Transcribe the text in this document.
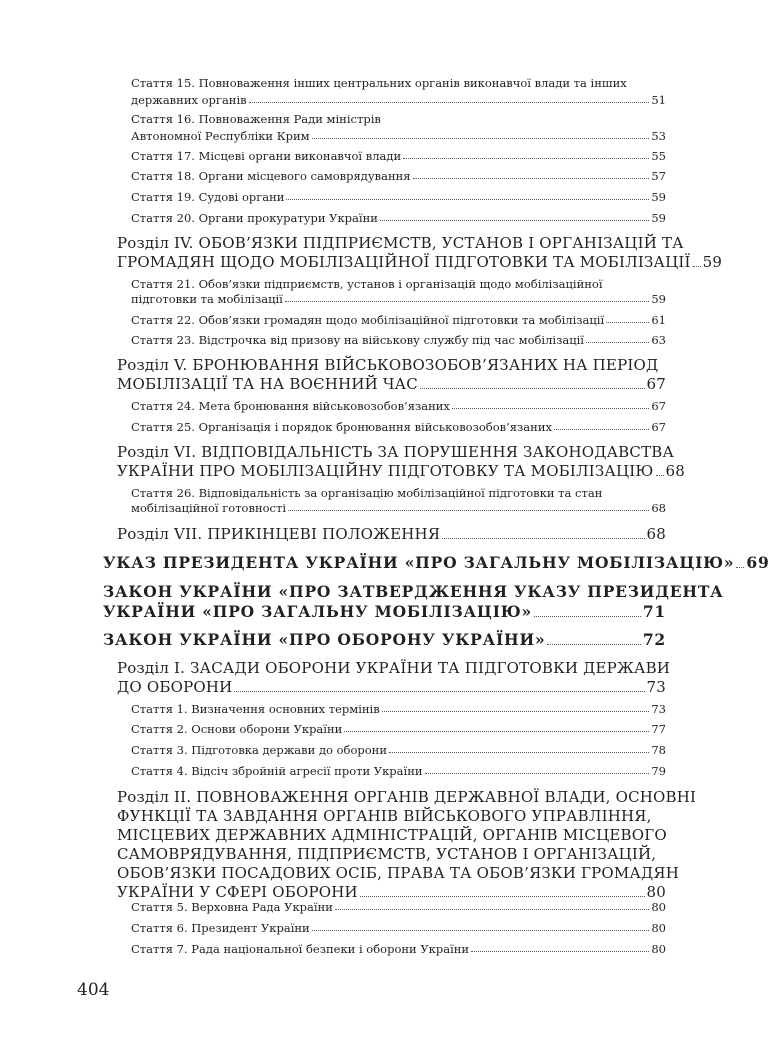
Стаття 15. Повноваження інших центральних органів виконавчої влади та інших
державних органів	51
Стаття 16. Повноваження Ради міністрів
Автономної Республіки Крим	53
Стаття 17. Місцеві органи виконавчої влади	55
Стаття 18. Органи місцевого самоврядування	57
Стаття 19. Судові органи	59
Стаття 20. Органи прокуратури України	59
Розділ IV. ОБОВ’ЯЗКИ ПІДПРИЄМСТВ, УСТАНОВ І ОРГАНІЗАЦІЙ ТА
ГРОМАДЯН ЩОДО МОБІЛІЗАЦІЙНОЇ ПІДГОТОВКИ ТА МОБІЛІЗАЦІЇ 59
Стаття 21. Обов’язки підприємств, установ і організацій щодо мобілізаційної
підготовки та мобілізації	59
Стаття 22. Обов’язки громадян щодо мобілізаційної підготовки та мобілізації	61
Стаття 23. Відстрочка від призову на військову службу під час мобілізації	63
Розділ V. БРОНЮВАННЯ ВІЙСЬКОВОЗОБОВ’ЯЗАНИХ НА ПЕРІОД
МОБІЛІЗАЦІЇ ТА НА ВОЄННИЙ ЧАС	67
Стаття 24. Мета бронювання військовозобов’язаних	67
Стаття 25. Організація і порядок бронювання військовозобов’язаних	67
Розділ VI. ВІДПОВІДАЛЬНІСТЬ ЗА ПОРУШЕННЯ ЗАКОНОДАВСТВА
УКРАЇНИ ПРО МОБІЛІЗАЦІЙНУ ПІДГОТОВКУ ТА МОБІЛІЗАЦІЮ 68
Стаття 26. Відповідальність за організацію мобілізаційної підготовки та стан
мобілізаційної готовності	68
Розділ VII. ПРИКІНЦЕВІ ПОЛОЖЕННЯ	68
УКАЗ ПРЕЗИДЕНТА УКРАЇНИ «ПРО ЗАГАЛЬНУ МОБІЛІЗАЦІЮ» 69
ЗАКОН УКРАЇНИ «ПРО ЗАТВЕРДЖЕННЯ УКАЗУ ПРЕЗИДЕНТА
УКРАЇНИ «ПРО ЗАГАЛЬНУ МОБІЛІЗАЦІЮ»	71
ЗАКОН УКРАЇНИ «ПРО ОБОРОНУ УКРАЇНИ»	72
Розділ І. ЗАСАДИ ОБОРОНИ УКРАЇНИ ТА ПІДГОТОВКИ ДЕРЖАВИ
ДО ОБОРОНИ	73
Стаття 1. Визначення основних термінів	73
Стаття 2. Основи оборони України	77
Стаття 3. Підготовка держави до оборони	78
Стаття 4. Відсіч збройній агресії проти України	79
Розділ ІІ. ПОВНОВАЖЕННЯ ОРГАНІВ ДЕРЖАВНОЇ ВЛАДИ, ОСНОВНІ
ФУНКЦІЇ ТА ЗАВДАННЯ ОРГАНІВ ВІЙСЬКОВОГО УПРАВЛІННЯ,
МІСЦЕВИХ ДЕРЖАВНИХ АДМІНІСТРАЦІЙ, ОРГАНІВ МІСЦЕВОГО
САМОВРЯДУВАННЯ, ПІДПРИЄМСТВ, УСТАНОВ І ОРГАНІЗАЦІЙ,
ОБОВ’ЯЗКИ ПОСАДОВИХ ОСІБ, ПРАВА ТА ОБОВ’ЯЗКИ ГРОМАДЯН
УКРАЇНИ У СФЕРІ ОБОРОНИ	80
Стаття 5. Верховна Рада України	80
Стаття 6. Президент України	80
Стаття 7. Рада національної безпеки і оборони України	80
404
